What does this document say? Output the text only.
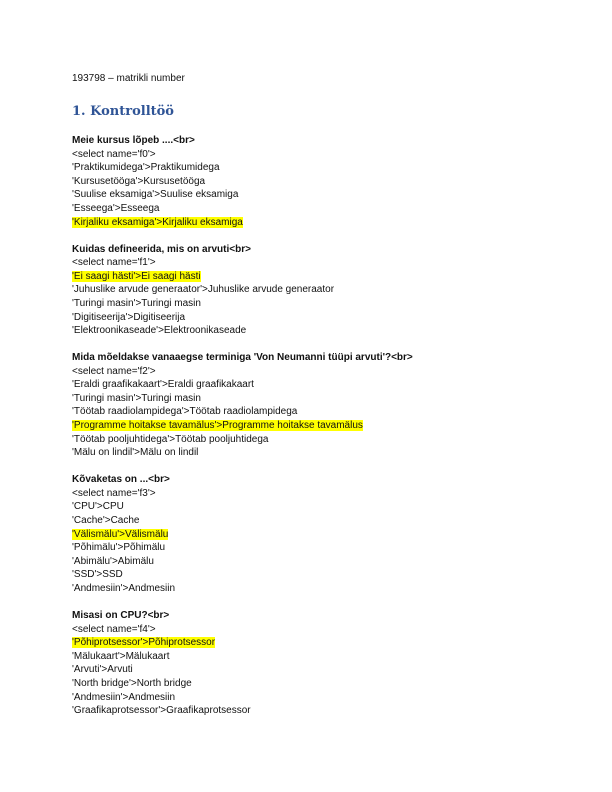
193798 – matrikli number
1. Kontrolltöö
Meie kursus lõpeb ....<br>
<select name='f0'>
'Praktikumidega'>Praktikumidega
'Kursusetööga'>Kursusetööga
'Suulise eksamiga'>Suulise eksamiga
'Esseega'>Esseega
'Kirjaliku eksamiga'>Kirjaliku eksamiga
Kuidas defineerida, mis on arvuti<br>
<select name='f1'>
'Ei saagi hästi'>Ei saagi hästi
'Juhuslike arvude generaator'>Juhuslike arvude generaator
'Turingi masin'>Turingi masin
'Digitiseerija'>Digitiseerija
'Elektroonikaseade'>Elektroonikaseade
Mida mõeldakse vanaaegse terminiga 'Von Neumanni tüüpi arvuti'?<br>
<select name='f2'>
'Eraldi graafikakaart'>Eraldi graafikakaart
'Turingi masin'>Turingi masin
'Töötab raadiolampidega'>Töötab raadiolampidega
'Programme hoitakse tavamälus'>Programme hoitakse tavamälus
'Töötab pooljuhtidega'>Töötab pooljuhtidega
'Mälu on lindil'>Mälu on lindil
Kõvaketas on ...<br>
<select name='f3'>
'CPU'>CPU
'Cache'>Cache
'Välismälu'>Välismälu
'Põhimälu'>Põhimälu
'Abimälu'>Abimälu
'SSD'>SSD
'Andmesiin'>Andmesiin
Misasi on CPU?<br>
<select name='f4'>
'Põhiprotsessor'>Põhiprotsessor
'Mälukaart'>Mälukaart
'Arvuti'>Arvuti
'North bridge'>North bridge
'Andmesiin'>Andmesiin
'Graafikaprotsessor'>Graafikaprotsessor
